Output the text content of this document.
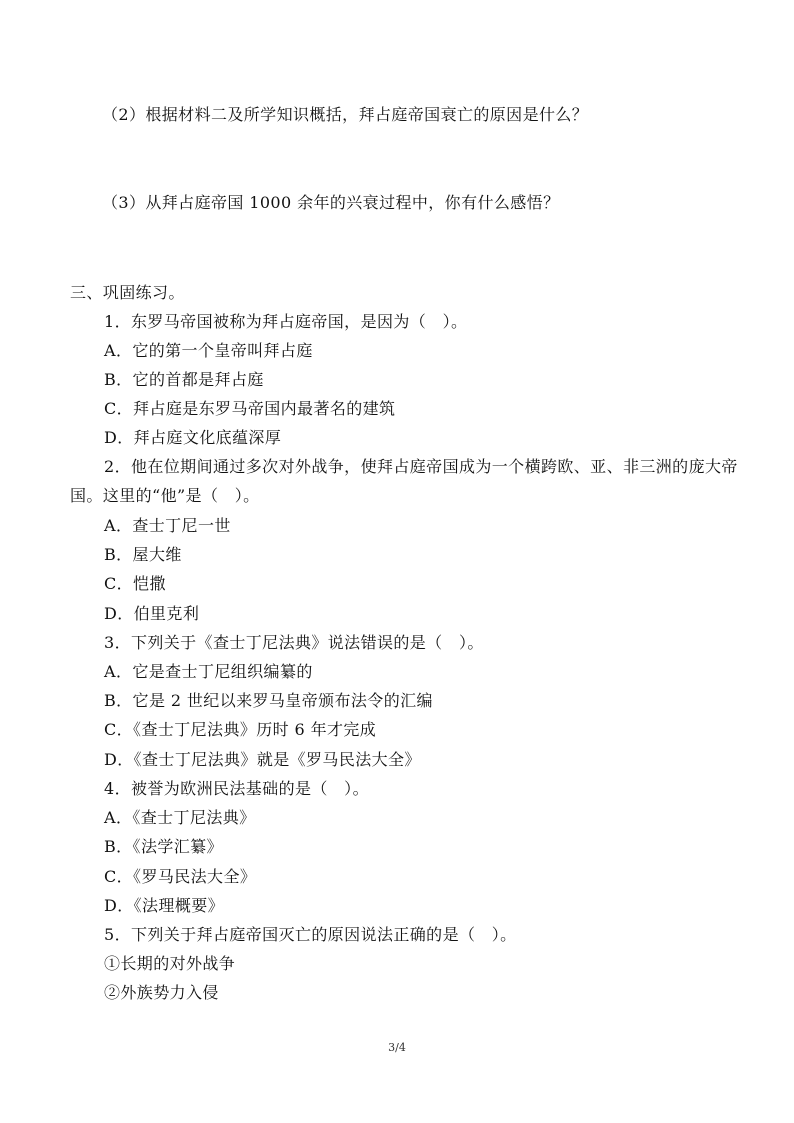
（2）根据材料二及所学知识概括，拜占庭帝国衰亡的原因是什么？
（3）从拜占庭帝国 1000 余年的兴衰过程中，你有什么感悟？
三、巩固练习。
1．东罗马帝国被称为拜占庭帝国，是因为（　）。
A．它的第一个皇帝叫拜占庭
B．它的首都是拜占庭
C．拜占庭是东罗马帝国内最著名的建筑
D．拜占庭文化底蕴深厚
2．他在位期间通过多次对外战争，使拜占庭帝国成为一个横跨欧、亚、非三洲的庞大帝
国。这里的“他”是（　）。
A．查士丁尼一世
B．屋大维
C．恺撒
D．伯里克利
3．下列关于《查士丁尼法典》说法错误的是（　）。
A．它是查士丁尼组织编纂的
B．它是 2 世纪以来罗马皇帝颁布法令的汇编
C．《查士丁尼法典》历时 6 年才完成
D．《查士丁尼法典》就是《罗马民法大全》
4．被誉为欧洲民法基础的是（　）。
A．《查士丁尼法典》
B．《法学汇纂》
C．《罗马民法大全》
D．《法理概要》
5．下列关于拜占庭帝国灭亡的原因说法正确的是（　）。
①长期的对外战争
②外族势力入侵
3/4
